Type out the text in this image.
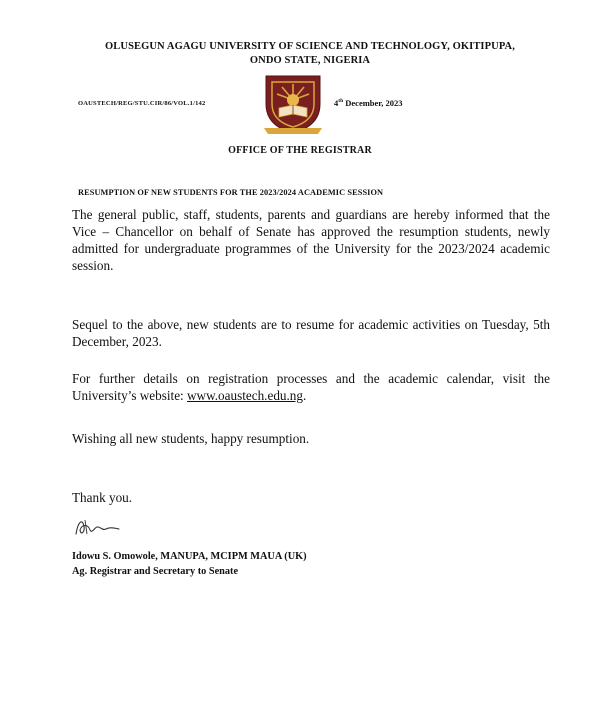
OLUSEGUN AGAGU UNIVERSITY OF SCIENCE AND TECHNOLOGY, OKITIPUPA,
ONDO STATE, NIGERIA
OAUSTECH/REG/STU.CIR/86/VOL.1/142	4th December, 2023
OFFICE OF THE REGISTRAR
RESUMPTION OF NEW STUDENTS FOR THE 2023/2024 ACADEMIC SESSION

The general public, staff, students, parents and guardians are hereby informed that the Vice – Chancellor on behalf of Senate has approved the resumption students, newly admitted for undergraduate programmes of the University for the 2023/2024 academic session.

Sequel to the above, new students are to resume for academic activities on Tuesday, 5th December, 2023.

For further details on registration processes and the academic calendar, visit the University’s website: www.oaustech.edu.ng.

Wishing all new students, happy resumption.

Thank you.
Idowu S. Omowole, MANUPA, MCIPM MAUA (UK)
Ag. Registrar and Secretary to Senate
